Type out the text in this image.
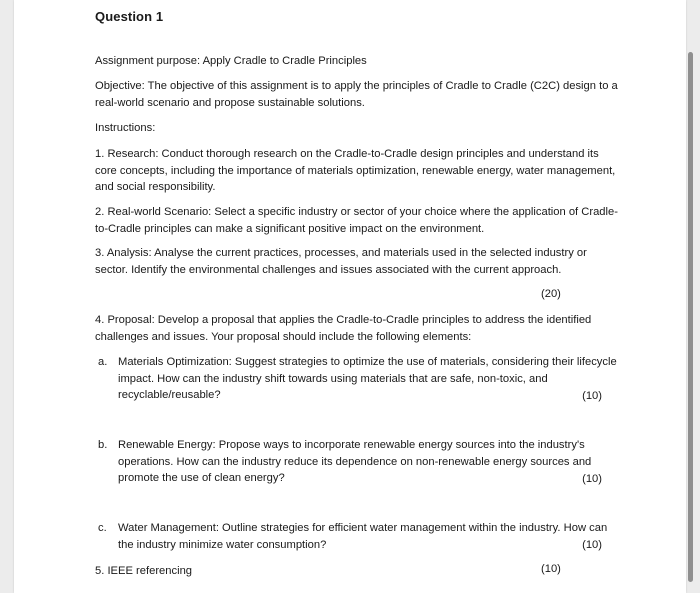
Question 1
Assignment purpose: Apply Cradle to Cradle Principles
Objective: The objective of this assignment is to apply the principles of Cradle to Cradle (C2C) design to a real-world scenario and propose sustainable solutions.
Instructions:
1. Research: Conduct thorough research on the Cradle-to-Cradle design principles and understand its core concepts, including the importance of materials optimization, renewable energy, water management, and social responsibility.
2. Real-world Scenario: Select a specific industry or sector of your choice where the application of Cradle-to-Cradle principles can make a significant positive impact on the environment.
3. Analysis: Analyse the current practices, processes, and materials used in the selected industry or sector. Identify the environmental challenges and issues associated with the current approach.
(20)
4. Proposal: Develop a proposal that applies the Cradle-to-Cradle principles to address the identified challenges and issues. Your proposal should include the following elements:
a. Materials Optimization: Suggest strategies to optimize the use of materials, considering their lifecycle impact. How can the industry shift towards using materials that are safe, non-toxic, and recyclable/reusable?	(10)
b. Renewable Energy: Propose ways to incorporate renewable energy sources into the industry's operations. How can the industry reduce its dependence on non-renewable energy sources and promote the use of clean energy?	(10)
c.	Water Management: Outline strategies for efficient water management within the industry. How can the industry minimize water consumption?	(10)
5. IEEE referencing	(10)
